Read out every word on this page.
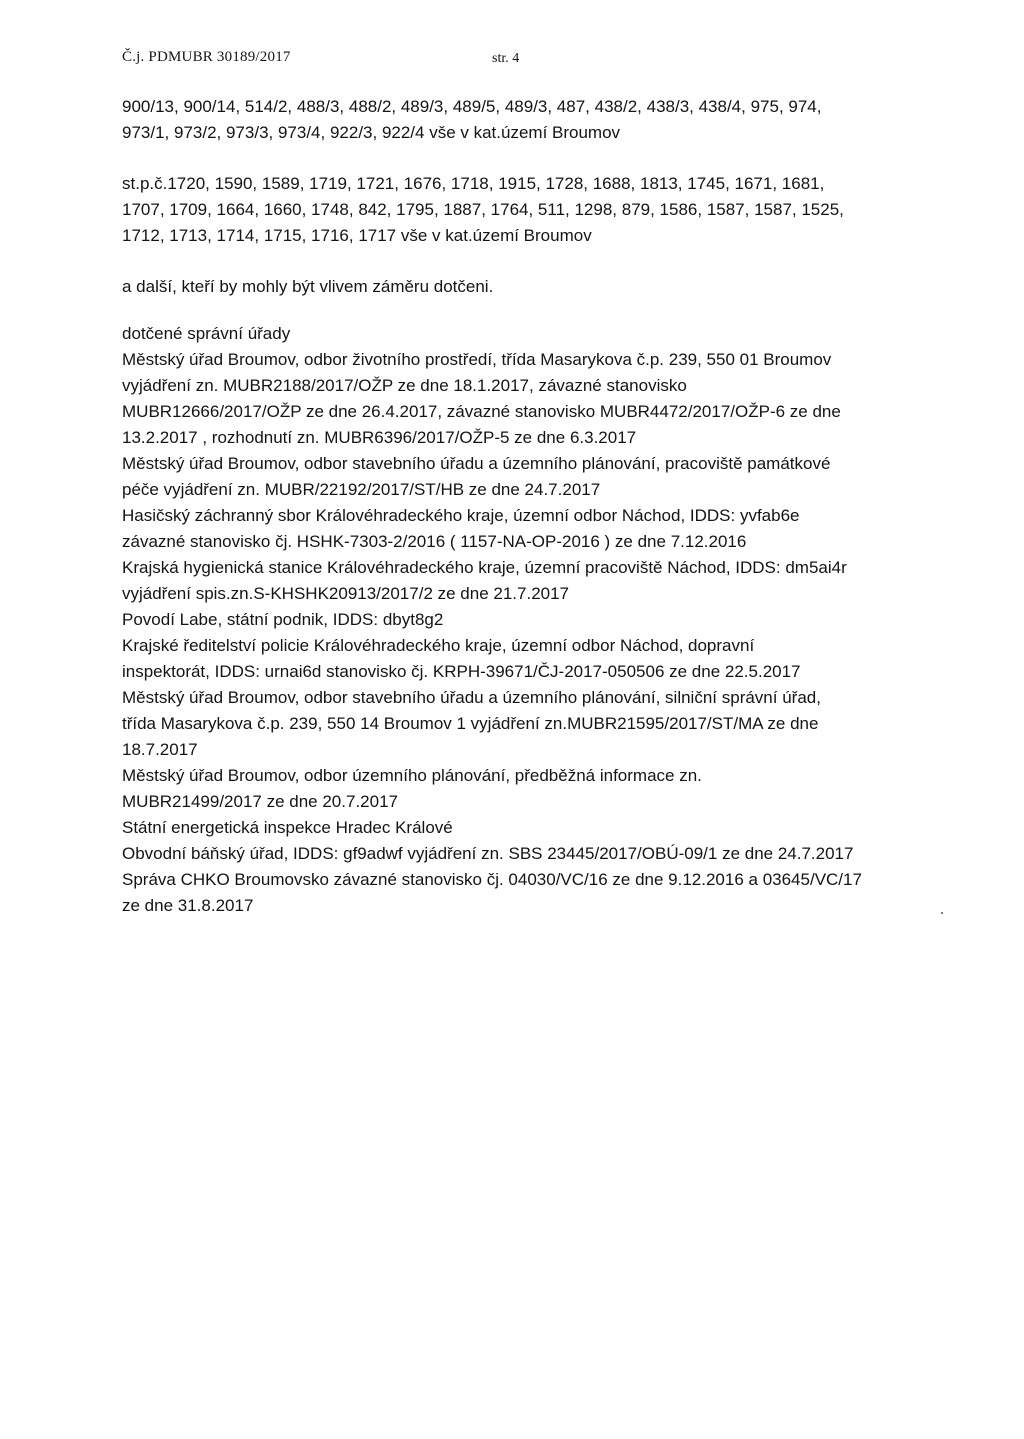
Č.j. PDMUBR 30189/2017	str. 4
900/13, 900/14, 514/2, 488/3, 488/2, 489/3, 489/5, 489/3, 487, 438/2, 438/3, 438/4, 975, 974,
973/1, 973/2, 973/3, 973/4, 922/3, 922/4 vše v kat.území Broumov
st.p.č.1720, 1590, 1589, 1719, 1721, 1676, 1718, 1915, 1728, 1688, 1813, 1745, 1671, 1681,
1707, 1709, 1664, 1660, 1748, 842, 1795, 1887, 1764, 511, 1298, 879, 1586, 1587, 1587, 1525,
1712, 1713, 1714, 1715, 1716, 1717 vše v kat.území Broumov
a další, kteří by mohly být vlivem záměru dotčeni.
dotčené správní úřady
Městský úřad Broumov, odbor životního prostředí, třída Masarykova č.p. 239, 550 01 Broumov
vyjádření zn. MUBR2188/2017/OŽP ze dne 18.1.2017, závazné stanovisko
MUBR12666/2017/OŽP ze dne 26.4.2017, závazné stanovisko MUBR4472/2017/OŽP-6 ze dne
13.2.2017 , rozhodnutí zn. MUBR6396/2017/OŽP-5 ze dne 6.3.2017
Městský úřad Broumov, odbor stavebního úřadu a územního plánování, pracoviště památkové
péče vyjádření zn. MUBR/22192/2017/ST/HB ze dne 24.7.2017
Hasičský záchranný sbor Královéhradeckého kraje, územní odbor Náchod, IDDS: yvfab6e
závazné stanovisko čj. HSHK-7303-2/2016 ( 1157-NA-OP-2016 ) ze dne 7.12.2016
Krajská hygienická stanice Královéhradeckého kraje, územní pracoviště Náchod, IDDS: dm5ai4r
vyjádření spis.zn.S-KHSHK20913/2017/2 ze dne 21.7.2017
Povodí Labe, státní podnik, IDDS: dbyt8g2
Krajské ředitelství policie Královéhradeckého kraje, územní odbor Náchod, dopravní
inspektorát, IDDS: urnai6d stanovisko čj. KRPH-39671/ČJ-2017-050506 ze dne 22.5.2017
Městský úřad Broumov, odbor stavebního úřadu a územního plánování, silniční správní úřad,
třída Masarykova č.p. 239, 550 14 Broumov 1 vyjádření zn.MUBR21595/2017/ST/MA ze dne
18.7.2017
Městský úřad Broumov, odbor územního plánování, předběžná informace zn.
MUBR21499/2017 ze dne 20.7.2017
Státní energetická inspekce Hradec Králové
Obvodní báňský úřad, IDDS: gf9adwf vyjádření zn. SBS 23445/2017/OBÚ-09/1 ze dne 24.7.2017
Správa CHKO Broumovsko závazné stanovisko čj. 04030/VC/16 ze dne 9.12.2016 a 03645/VC/17
ze dne 31.8.2017
